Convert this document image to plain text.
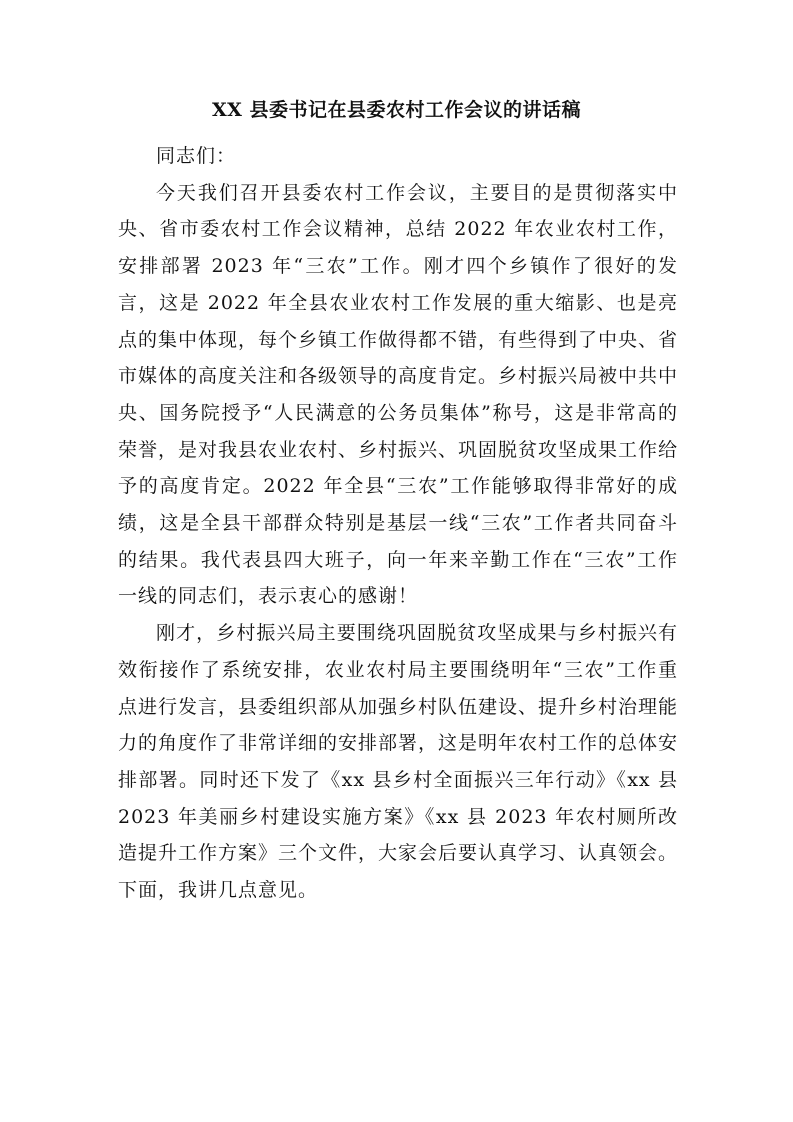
XX 县委书记在县委农村工作会议的讲话稿

同志们：

今天我们召开县委农村工作会议，主要目的是贯彻落实中央、省市委农村工作会议精神，总结 2022 年农业农村工作，安排部署 2023 年“三农”工作。刚才四个乡镇作了很好的发言，这是 2022 年全县农业农村工作发展的重大缩影、也是亮点的集中体现，每个乡镇工作做得都不错，有些得到了中央、省市媒体的高度关注和各级领导的高度肯定。乡村振兴局被中共中央、国务院授予“人民满意的公务员集体”称号，这是非常高的荣誉，是对我县农业农村、乡村振兴、巩固脱贫攻坚成果工作给予的高度肯定。2022 年全县“三农”工作能够取得非常好的成绩，这是全县干部群众特别是基层一线“三农”工作者共同奋斗的结果。我代表县四大班子，向一年来辛勤工作在“三农”工作一线的同志们，表示衷心的感谢！

刚才，乡村振兴局主要围绕巩固脱贫攻坚成果与乡村振兴有效衔接作了系统安排，农业农村局主要围绕明年“三农”工作重点进行发言，县委组织部从加强乡村队伍建设、提升乡村治理能力的角度作了非常详细的安排部署，这是明年农村工作的总体安排部署。同时还下发了《xx 县乡村全面振兴三年行动》《xx 县 2023 年美丽乡村建设实施方案》《xx 县 2023 年农村厕所改造提升工作方案》三个文件，大家会后要认真学习、认真领会。下面，我讲几点意见。
